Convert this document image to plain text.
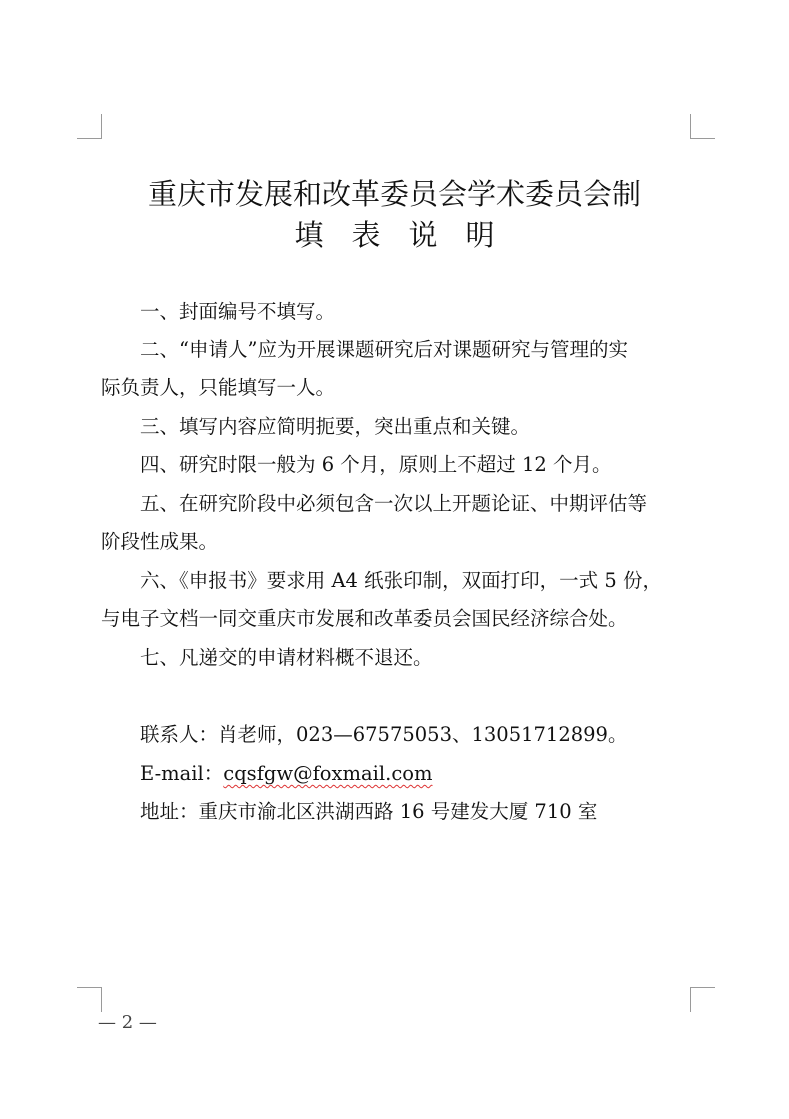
重庆市发展和改革委员会学术委员会制
填表说明
一、封面编号不填写。
二、“申请人”应为开展课题研究后对课题研究与管理的实
际负责人，只能填写一人。
三、填写内容应简明扼要，突出重点和关键。
四、研究时限一般为 6 个月，原则上不超过 12 个月。
五、在研究阶段中必须包含一次以上开题论证、中期评估等
阶段性成果。
六、《申报书》要求用 A4 纸张印制，双面打印，一式 5 份，
与电子文档一同交重庆市发展和改革委员会国民经济综合处。
七、凡递交的申请材料概不退还。
联系人：肖老师，023—67575053、13051712899。
E-mail：cqsfgw@foxmail.com
地址：重庆市渝北区洪湖西路 16 号建发大厦 710 室
— 2 —
